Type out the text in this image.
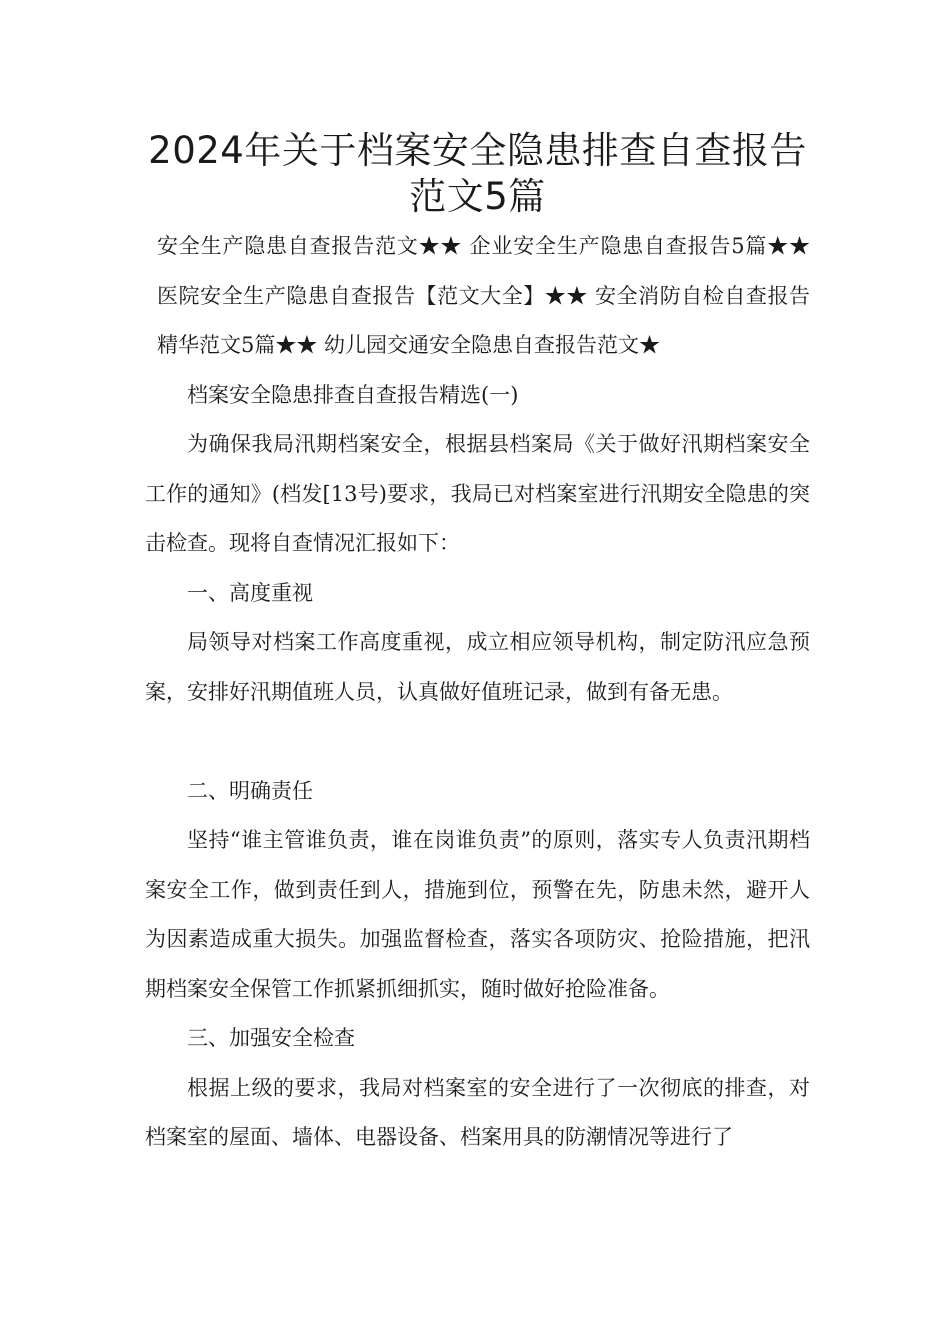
2024年关于档案安全隐患排查自查报告
范文5篇

安全生产隐患自查报告范文★★ 企业安全生产隐患自查报告5篇★★ 医院安全生产隐患自查报告【范文大全】★★ 安全消防自检自查报告精华范文5篇★★ 幼儿园交通安全隐患自查报告范文★

档案安全隐患排查自查报告精选(一)

为确保我局汛期档案安全，根据县档案局《关于做好汛期档案安全工作的通知》(档发[13号)要求，我局已对档案室进行汛期安全隐患的突击检查。现将自查情况汇报如下：

一、高度重视

局领导对档案工作高度重视，成立相应领导机构，制定防汛应急预案，安排好汛期值班人员，认真做好值班记录，做到有备无患。

二、明确责任

坚持“谁主管谁负责，谁在岗谁负责”的原则，落实专人负责汛期档案安全工作，做到责任到人，措施到位，预警在先，防患未然，避开人为因素造成重大损失。加强监督检查，落实各项防灾、抢险措施，把汛期档案安全保管工作抓紧抓细抓实，随时做好抢险准备。

三、加强安全检查

根据上级的要求，我局对档案室的安全进行了一次彻底的排查，对档案室的屋面、墙体、电器设备、档案用具的防潮情况等进行了
